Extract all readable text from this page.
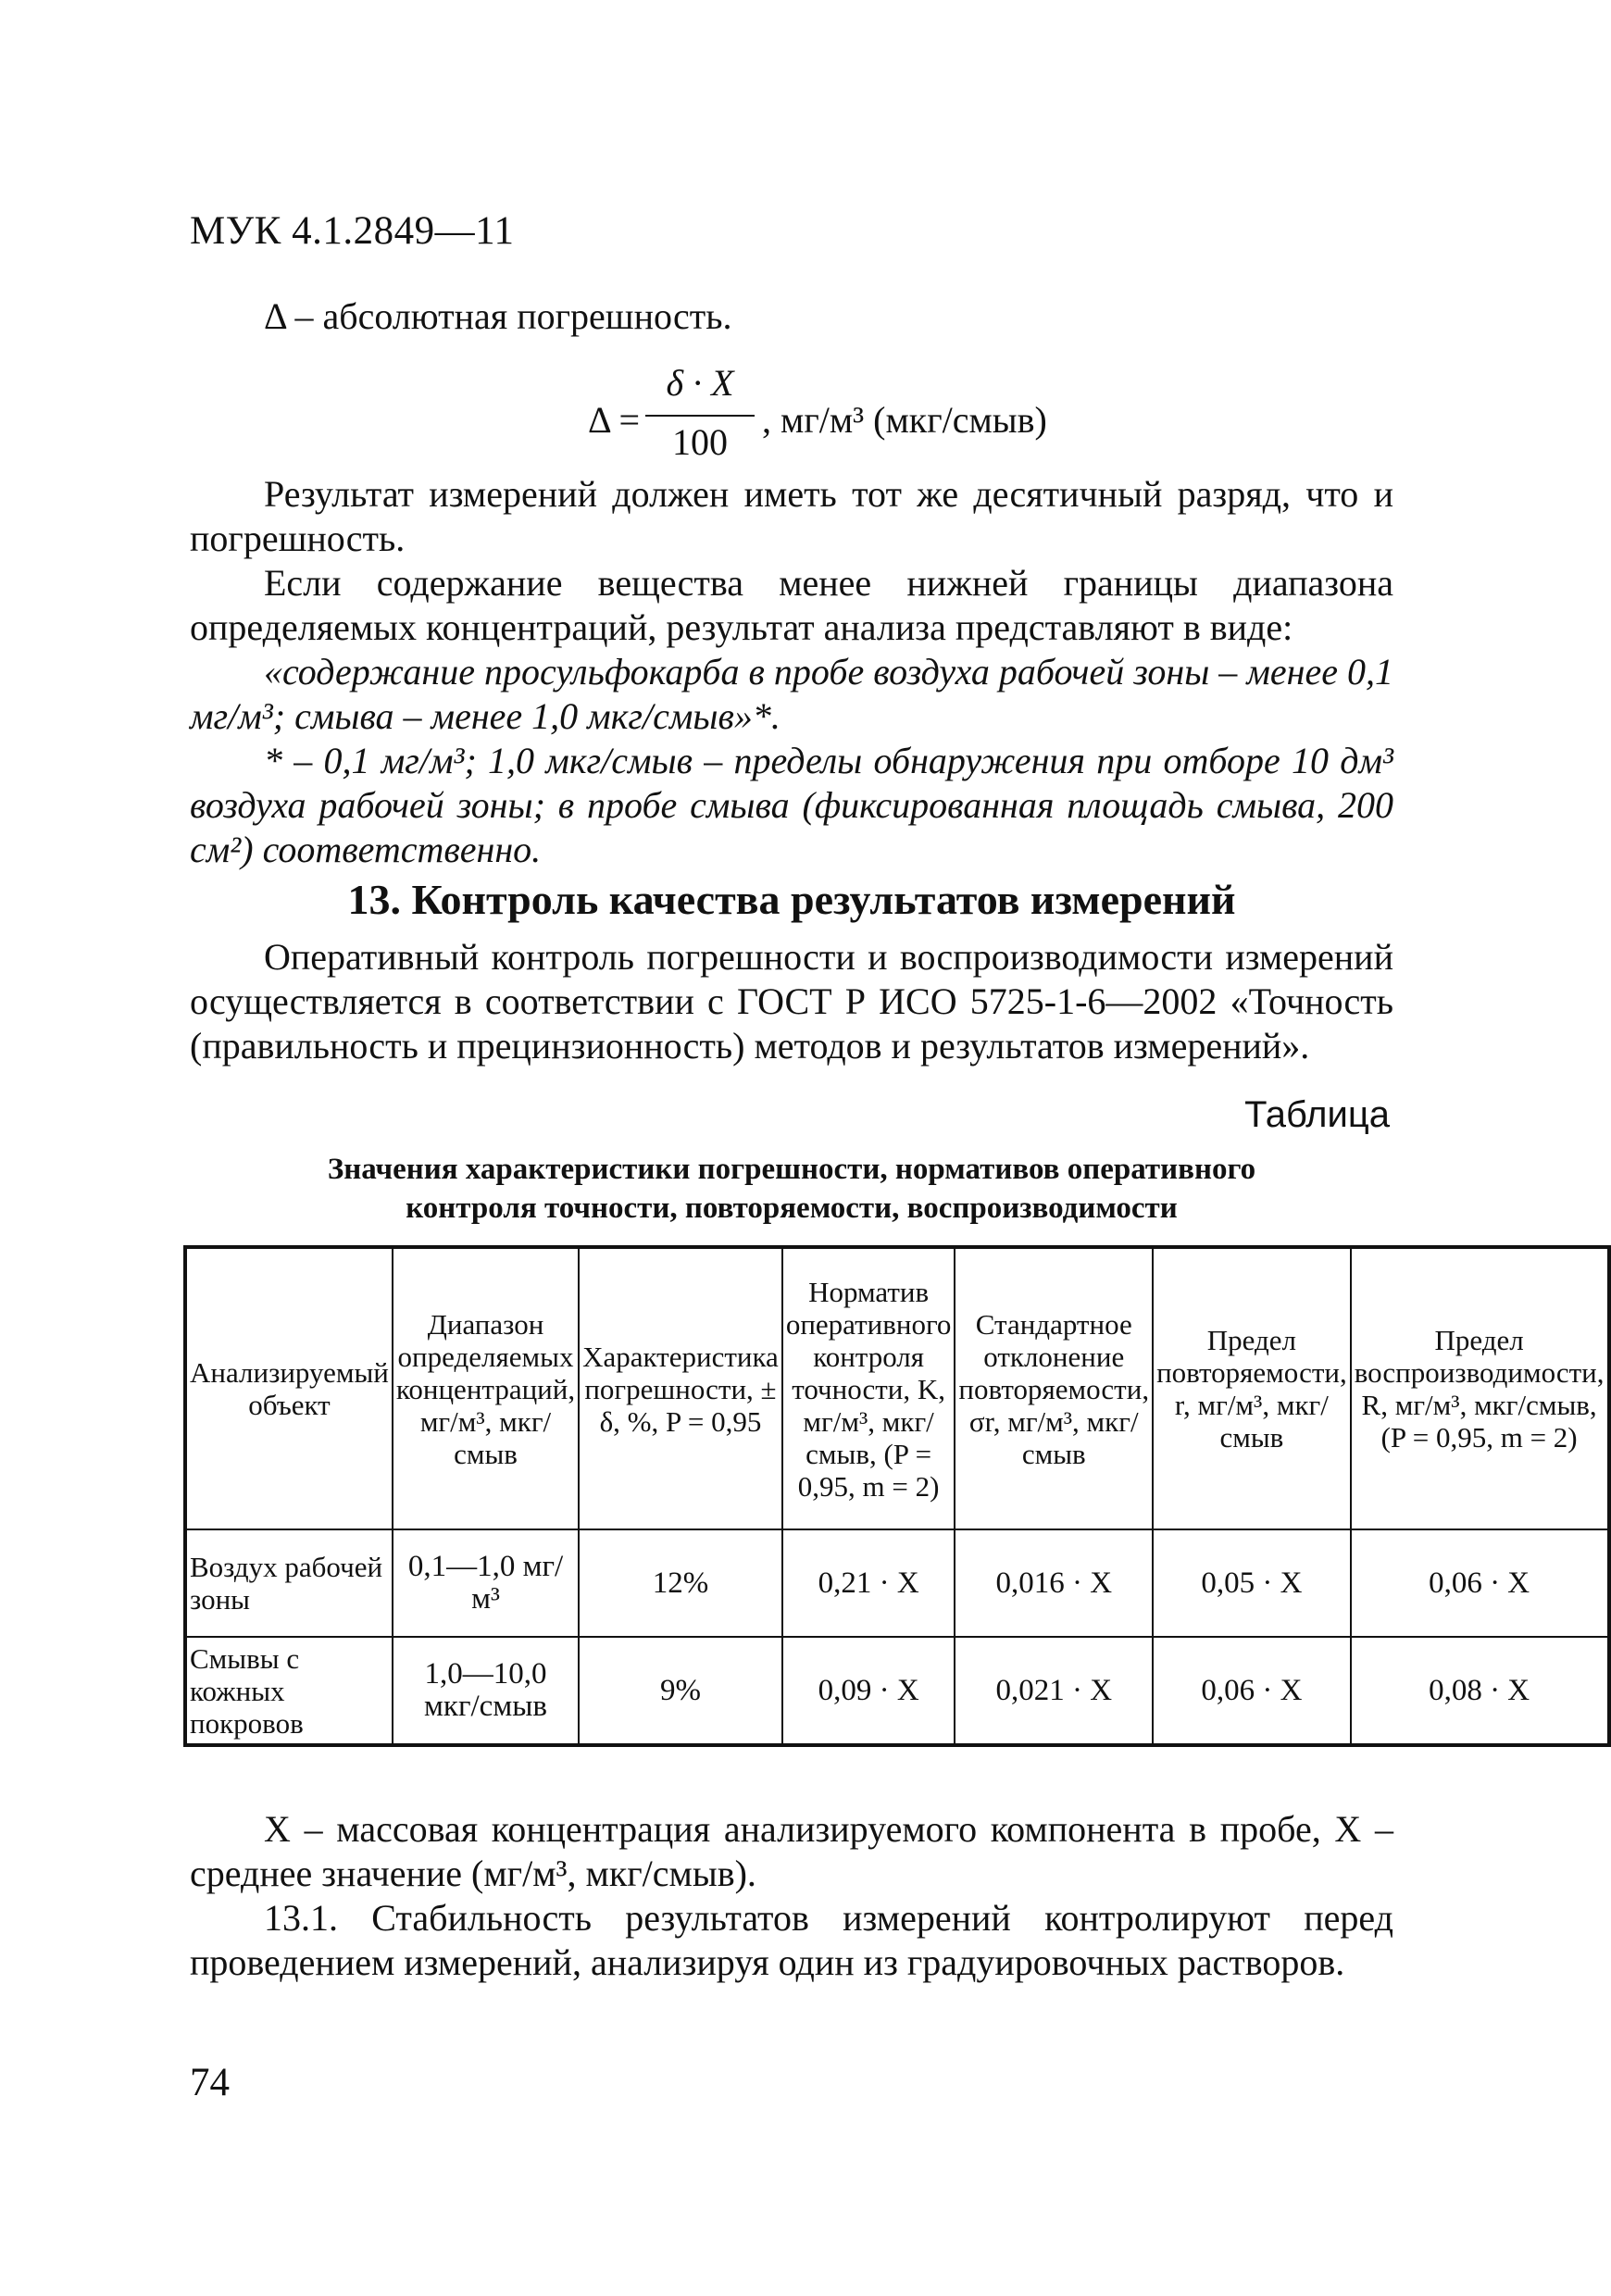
МУК 4.1.2849—11
Δ – абсолютная погрешность.
Δ =
δ · X
100
, мг/м³ (мкг/смыв)
Результат измерений должен иметь тот же десятичный разряд, что и погрешность.
Если содержание вещества менее нижней границы диапазона определяемых концентраций, результат анализа представляют в виде:
«содержание просульфокарба в пробе воздуха рабочей зоны – менее 0,1 мг/м³; смыва – менее 1,0 мкг/смыв»*.
* – 0,1 мг/м³; 1,0 мкг/смыв – пределы обнаружения при отборе 10 дм³ воздуха рабочей зоны; в пробе смыва (фиксированная площадь смыва, 200 см²) соответственно.
13. Контроль качества результатов измерений
Оперативный контроль погрешности и воспроизводимости измерений осуществляется в соответствии с ГОСТ Р ИСО 5725-1-6—2002 «Точность (правильность и прецинзионность) методов и результатов измерений».
Таблица
Значения характеристики погрешности, нормативов оперативного
контроля точности, повторяемости, воспроизводимости
Анализируемый объект	Диапазон определяемых концентраций, мг/м³, мкг/смыв	Характеристика погрешности, ± δ, %, P = 0,95	Норматив оперативного контроля точности, K, мг/м³, мкг/смыв, (P = 0,95, m = 2)	Стандартное отклонение повторяемости, σr, мг/м³, мкг/смыв	Предел повторяемости, r, мг/м³, мкг/смыв	Предел воспроизводимости, R, мг/м³, мкг/смыв, (P = 0,95, m = 2)
Воздух рабочей зоны	0,1—1,0 мг/м³	12%	0,21 · X	0,016 · X	0,05 · X	0,06 · X
Смывы с кожных покровов	1,0—10,0 мкг/смыв	9%	0,09 · X	0,021 · X	0,06 · X	0,08 · X
X – массовая концентрация анализируемого компонента в пробе, X – среднее значение (мг/м³, мкг/смыв).
13.1. Стабильность результатов измерений контролируют перед проведением измерений, анализируя один из градуировочных растворов.
74
